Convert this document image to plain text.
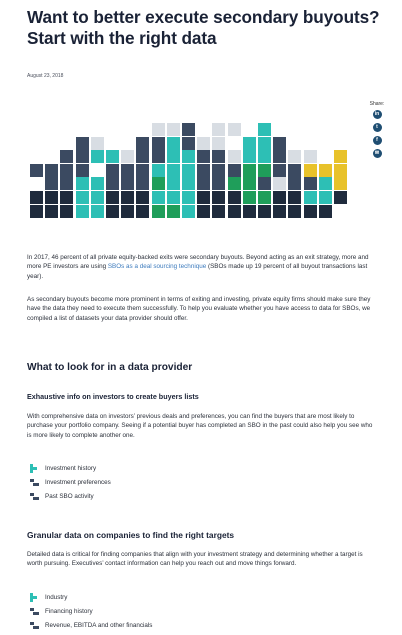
Want to better execute secondary buyouts? Start with the right data
August 23, 2018
Share:
in
t
f
✉
In 2017, 46 percent of all private equity-backed exits were secondary buyouts. Beyond acting as an exit strategy, more and more PE investors are using SBOs as a deal sourcing technique (SBOs made up 19 percent of all buyout transactions last year).
As secondary buyouts become more prominent in terms of exiting and investing, private equity firms should make sure they have the data they need to execute them successfully. To help you evaluate whether you have access to data for SBOs, we compiled a list of datasets your data provider should offer.
What to look for in a data provider
Exhaustive info on investors to create buyers lists
With comprehensive data on investors’ previous deals and preferences, you can find the buyers that are most likely to purchase your portfolio company. Seeing if a potential buyer has completed an SBO in the past could also help you see who is more likely to complete another one.
Investment history
Investment preferences
Past SBO activity
Granular data on companies to find the right targets
Detailed data is critical for finding companies that align with your investment strategy and determining whether a target is worth pursuing. Executives’ contact information can help you reach out and move things forward.
Industry
Financing history
Revenue, EBITDA and other financials
